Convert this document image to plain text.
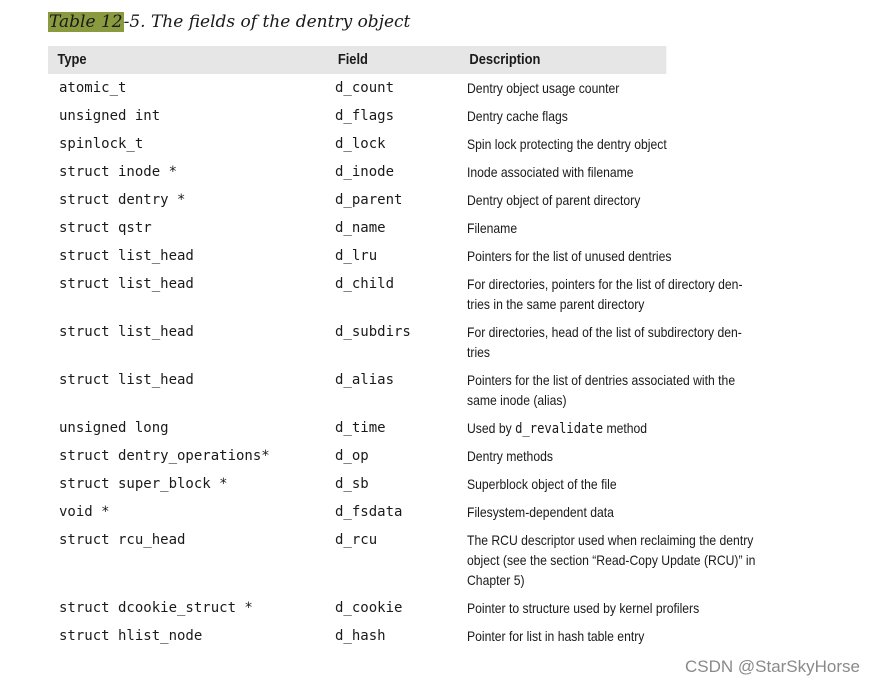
Table 12-5. The fields of the dentry object
Type	Field	Description
atomic_t	d_count	Dentry object usage counter
unsigned int	d_flags	Dentry cache flags
spinlock_t	d_lock	Spin lock protecting the dentry object
struct inode *	d_inode	Inode associated with filename
struct dentry *	d_parent	Dentry object of parent directory
struct qstr	d_name	Filename
struct list_head	d_lru	Pointers for the list of unused dentries
struct list_head	d_child	For directories, pointers for the list of directory den-
tries in the same parent directory
struct list_head	d_subdirs	For directories, head of the list of subdirectory den-
tries
struct list_head	d_alias	Pointers for the list of dentries associated with the
same inode (alias)
unsigned long	d_time	Used by d_revalidate method
struct dentry_operations*	d_op	Dentry methods
struct super_block *	d_sb	Superblock object of the file
void *	d_fsdata	Filesystem-dependent data
struct rcu_head	d_rcu	The RCU descriptor used when reclaiming the dentry
object (see the section “Read-Copy Update (RCU)” in
Chapter 5)
struct dcookie_struct *	d_cookie	Pointer to structure used by kernel profilers
struct hlist_node	d_hash	Pointer for list in hash table entry
CSDN @StarSkyHorse
